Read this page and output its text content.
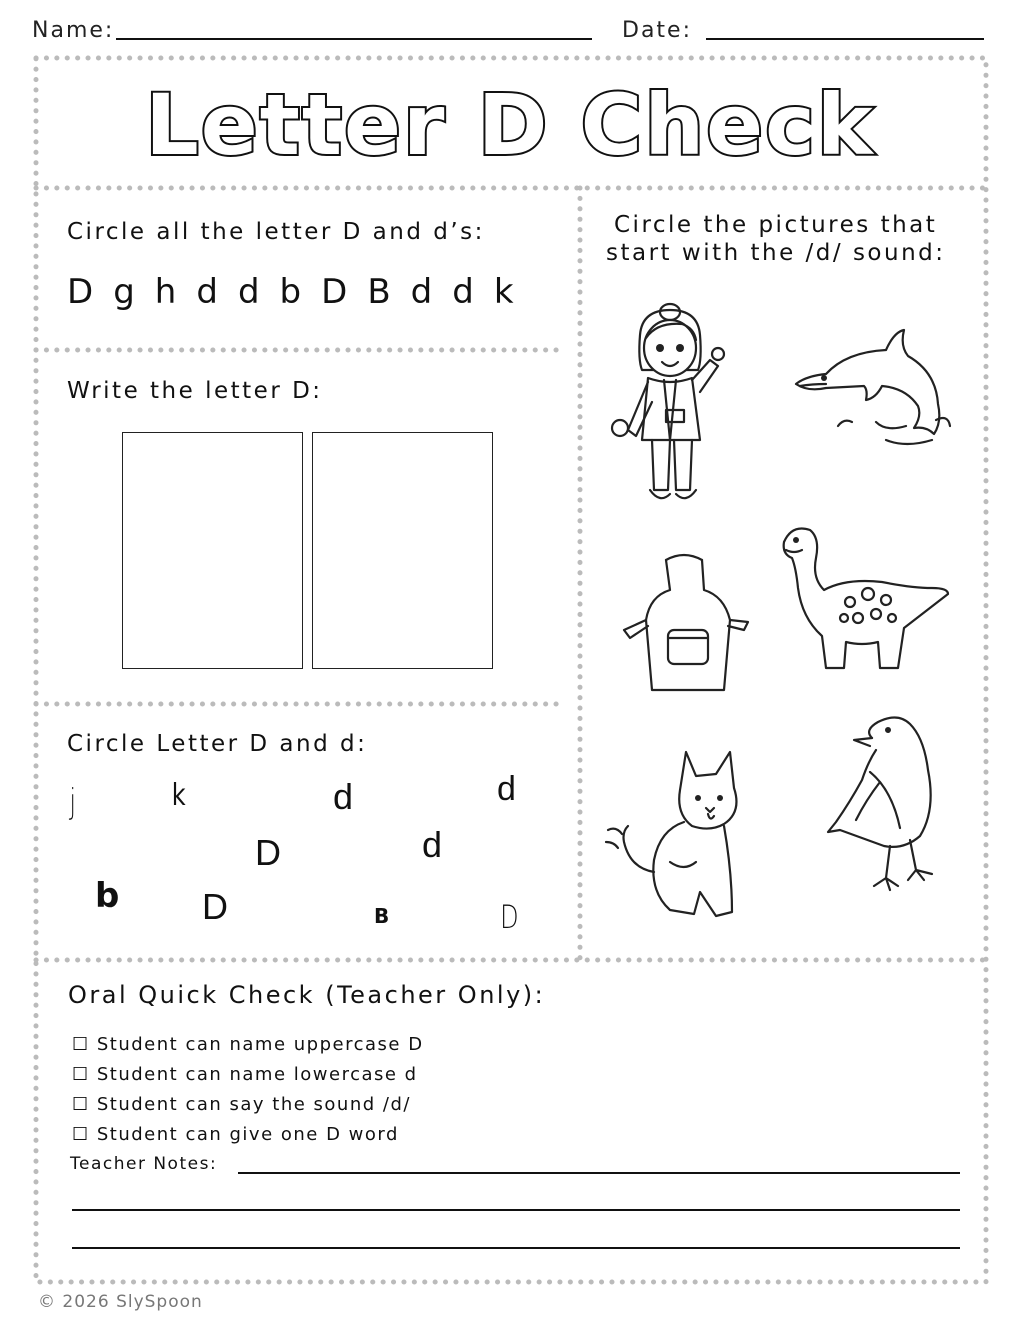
Name:	Date:
Letter D Check
Circle all the letter D and d’s:
D g h d d b D B d d k
Write the letter D:
Circle Letter D and d:
j	k	d	d
D	d
b D	B	D
Circle the pictures that
start with the /d/ sound:
Oral Quick Check (Teacher Only):
☐ Student can name uppercase D
☐ Student can name lowercase d
☐ Student can say the sound /d/
☐ Student can give one D word
Teacher Notes:
© 2026 SlySpoon
